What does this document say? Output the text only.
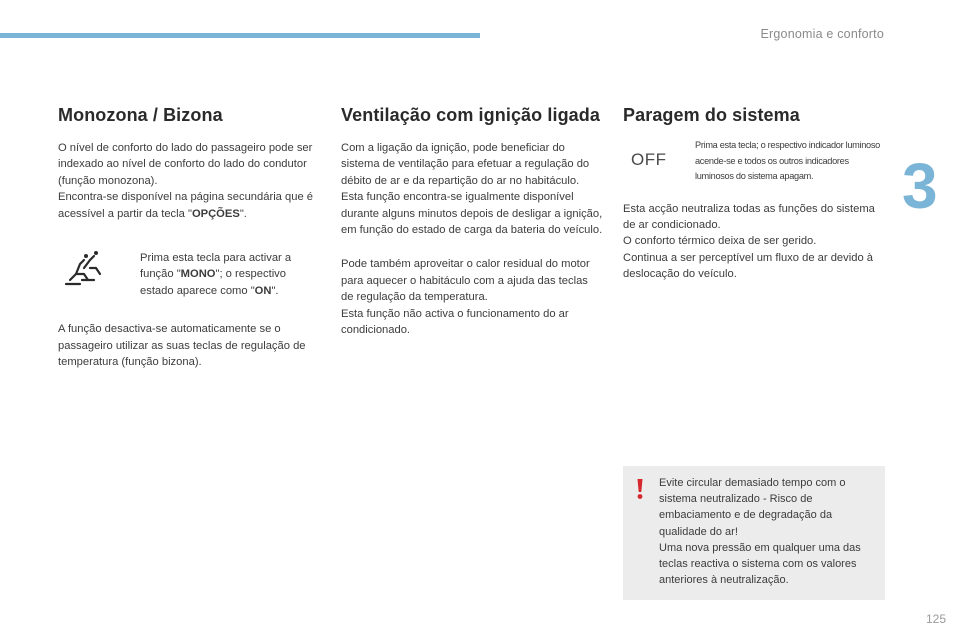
Ergonomia e conforto
3
Monozona / Bizona

O nível de conforto do lado do passageiro pode ser indexado ao nível de conforto do lado do condutor (função monozona).

Encontra-se disponível na página secundária que é acessível a partir da tecla "OPÇÕES".

Prima esta tecla para activar a função "MONO"; o respectivo estado aparece como "ON".

A função desactiva-se automaticamente se o passageiro utilizar as suas teclas de regulação de temperatura (função bizona).

Ventilação com ignição ligada

Com a ligação da ignição, pode beneficiar do sistema de ventilação para efetuar a regulação do débito de ar e da repartição do ar no habitáculo.

Esta função encontra-se igualmente disponível durante alguns minutos depois de desligar a ignição, em função do estado de carga da bateria do veículo.

Pode também aproveitar o calor residual do motor para aquecer o habitáculo com a ajuda das teclas de regulação da temperatura.

Esta função não activa o funcionamento do ar condicionado.

Paragem do sistema
OFF

Prima esta tecla; o respectivo indicador luminoso acende-se e todos os outros indicadores luminosos do sistema apagam.

Esta acção neutraliza todas as funções do sistema de ar condicionado.

O conforto térmico deixa de ser gerido.

Continua a ser perceptível um fluxo de ar devido à deslocação do veículo.

Evite circular demasiado tempo com o sistema neutralizado - Risco de embaciamento e de degradação da qualidade do ar!

Uma nova pressão em qualquer uma das teclas reactiva o sistema com os valores anteriores à neutralização.

125
